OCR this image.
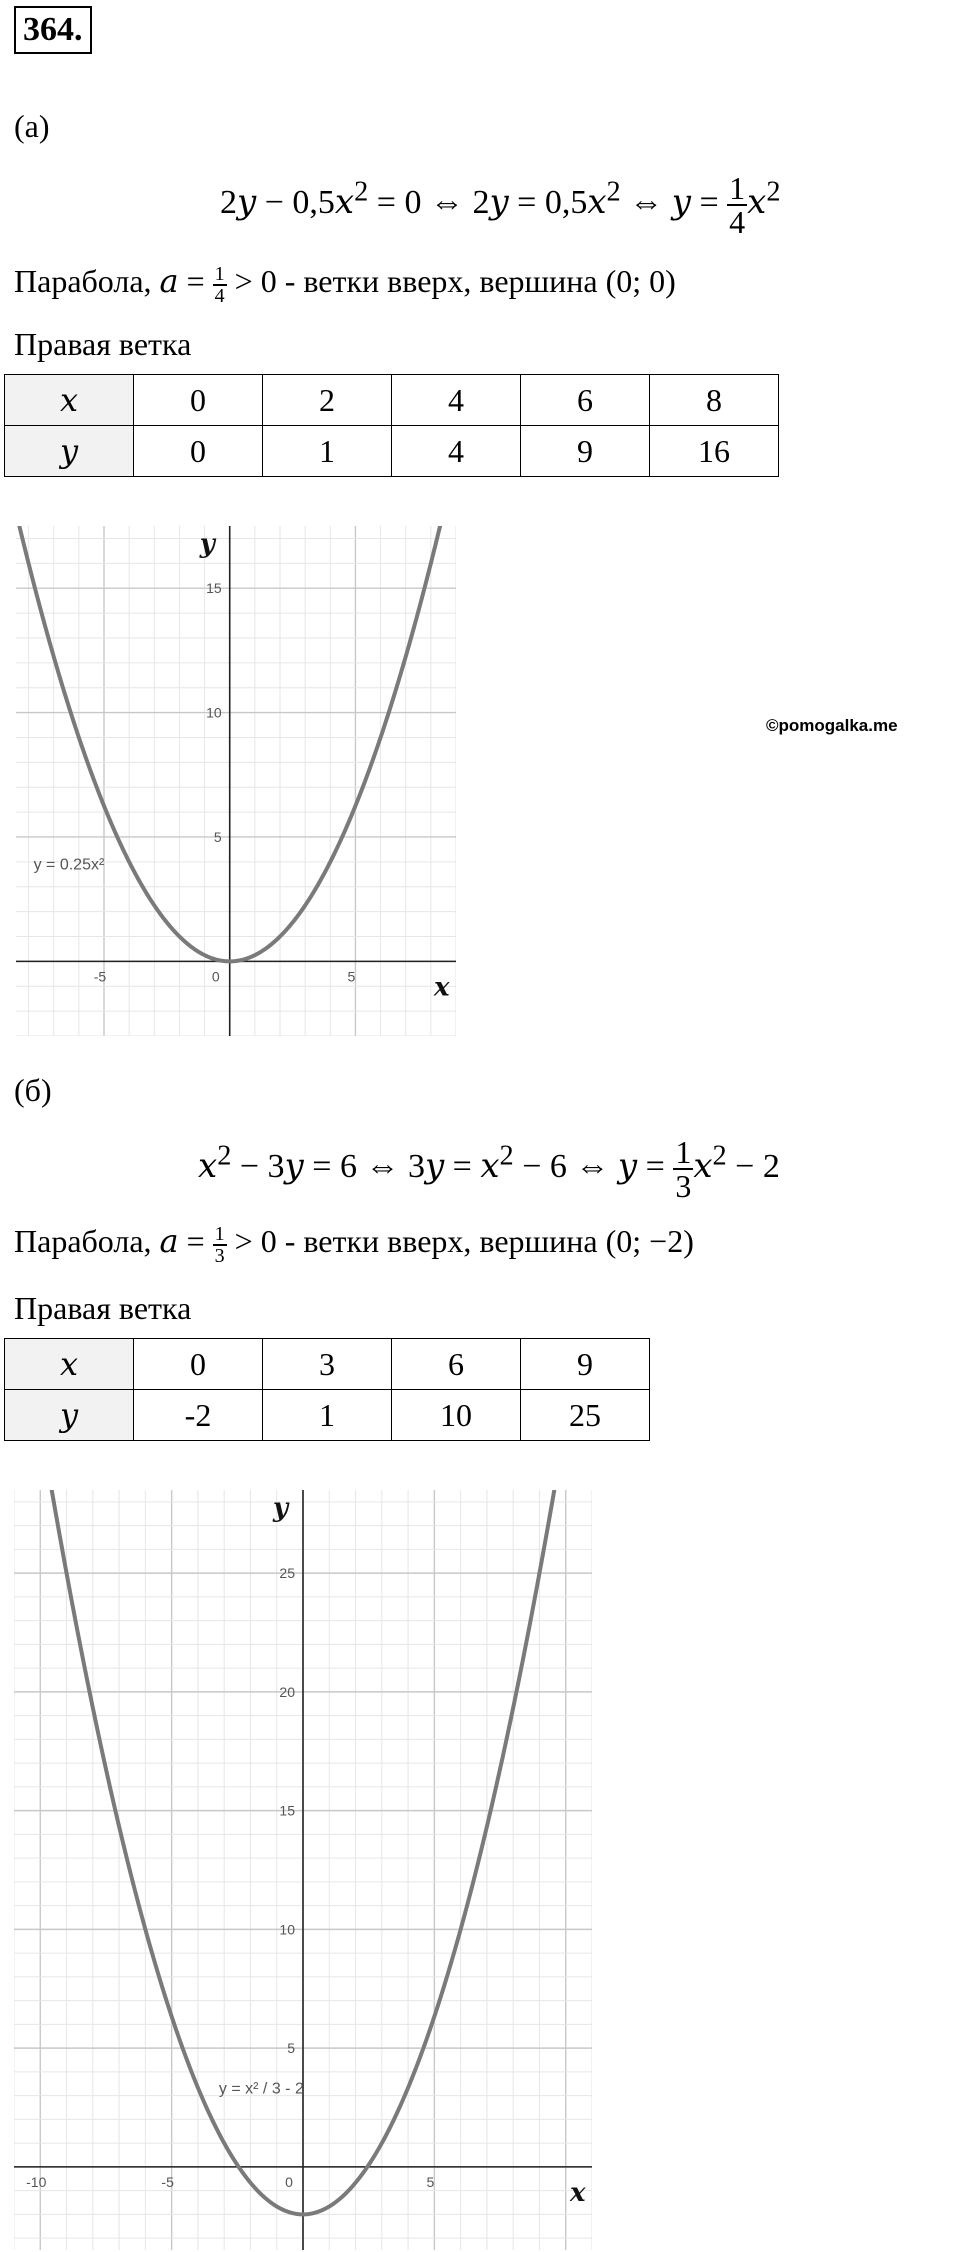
364.
(а)
$2y - 0,5x^2 = 0$ ⇔ $2y = 0,5x^2$ ⇔ $y = \frac{1}{4} x^2$
Парабола, $a = \frac{1}{4} > 0$ - ветки вверх, вершина (0; 0)
Правая ветка
x	0	2	4	6	8
y	0	1	4	9	16
-5	0	5
5
10
15
x
y
y = 0.25x²
©pomogalka.me
(б)
$x^2 - 3y = 6$ ⇔ $3y = x^2 - 6$ ⇔ $y = \frac{1}{3} x^2 - 2$
Парабола, $a = \frac{1}{3} > 0$ - ветки вверх, вершина (0; −2)
Правая ветка
x	0	3	6	9
y	-2	1	10	25
-10	-5	0	5
5
10
15
20
25
x
y
y = x² / 3 - 2
